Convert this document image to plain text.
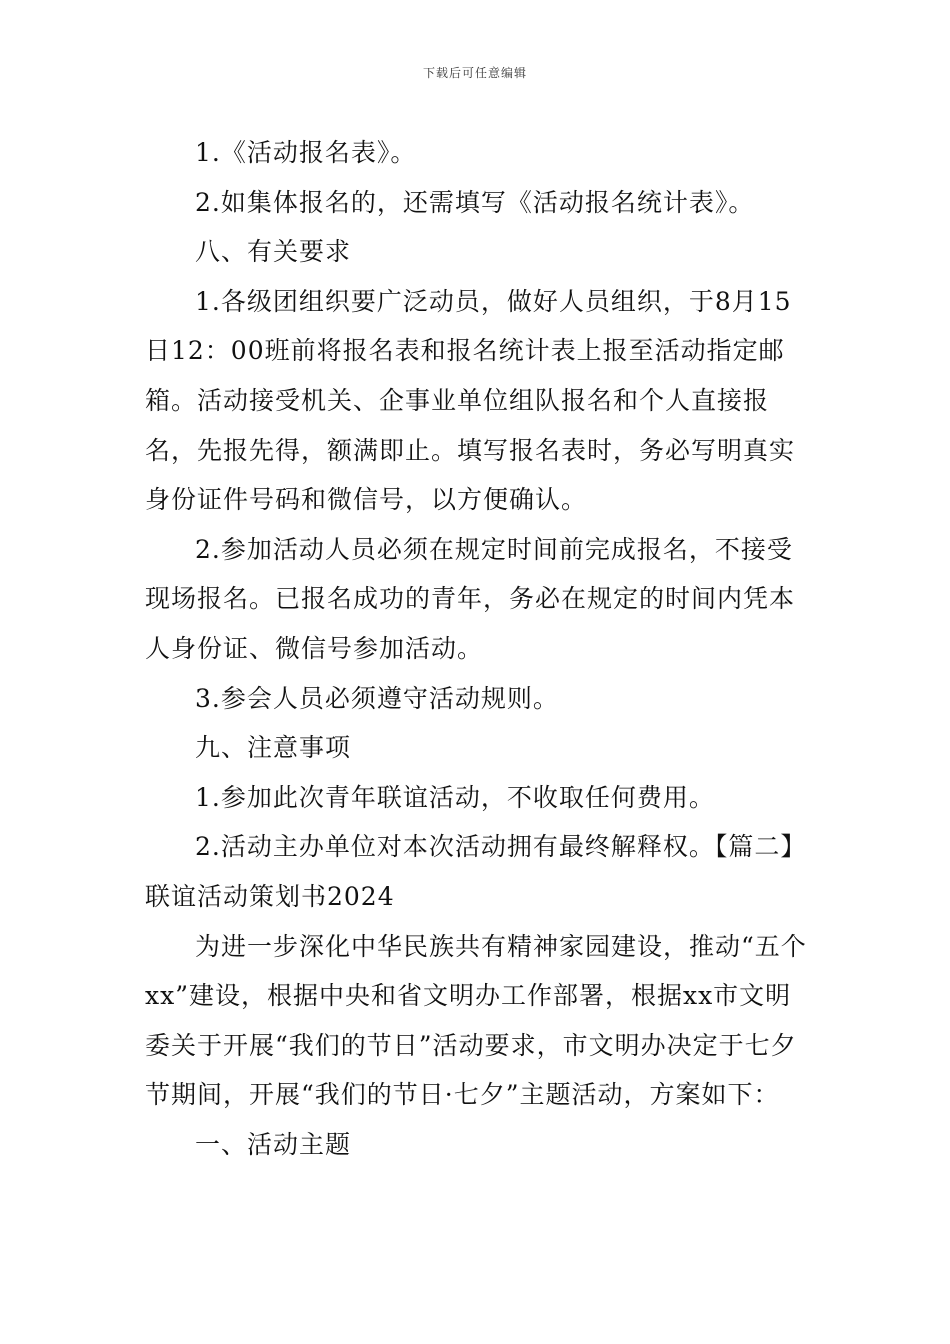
下载后可任意编辑

1.《活动报名表》。

2.如集体报名的，还需填写《活动报名统计表》。

八、有关要求

1.各级团组织要广泛动员，做好人员组织，于8月15日12：00班前将报名表和报名统计表上报至活动指定邮箱。活动接受机关、企事业单位组队报名和个人直接报名，先报先得，额满即止。填写报名表时，务必写明真实身份证件号码和微信号，以方便确认。

2.参加活动人员必须在规定时间前完成报名，不接受现场报名。已报名成功的青年，务必在规定的时间内凭本人身份证、微信号参加活动。

3.参会人员必须遵守活动规则。

九、注意事项

1.参加此次青年联谊活动，不收取任何费用。

2.活动主办单位对本次活动拥有最终解释权。【篇二】联谊活动策划书2024

为进一步深化中华民族共有精神家园建设，推动“五个xx”建设，根据中央和省文明办工作部署，根据xx市文明委关于开展“我们的节日”活动要求，市文明办决定于七夕节期间，开展“我们的节日·七夕”主题活动，方案如下：

一、活动主题
